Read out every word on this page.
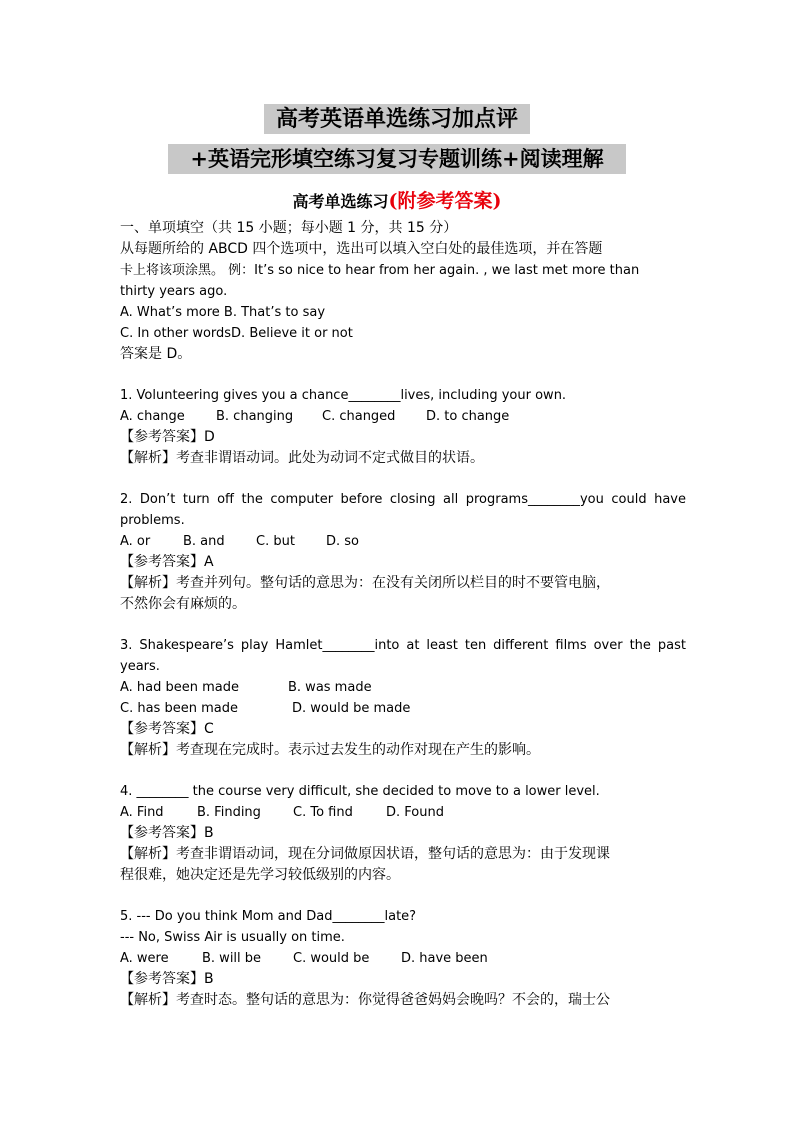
高考英语单选练习加点评
+英语完形填空练习复习专题训练+阅读理解
高考单选练习(附参考答案)
一、单项填空（共 15 小题；每小题 1 分，共 15 分）
从每题所给的 ABCD 四个选项中，选出可以填入空白处的最佳选项，并在答题
卡上将该项涂黑。 例：It’s so nice to hear from her again. , we last met more than
thirty years ago.
A. What’s more B. That’s to say
C. In other wordsD. Believe it or not
答案是 D。
1. Volunteering gives you a chance________lives, including your own.
A. change B. changing C. changed D. to change
【参考答案】D
【解析】考查非谓语动词。此处为动词不定式做目的状语。
2. Don’t turn off the computer before closing all programs________you could have
problems.
A. or	B. and C. but D. so
【参考答案】A
【解析】考查并列句。整句话的意思为：在没有关闭所以栏目的时不要管电脑，
不然你会有麻烦的。
3. Shakespeare’s play Hamlet________into at least ten different films over the past
years.
A. had been made	B. was made
C. has been made	D. would be made
【参考答案】C
【解析】考查现在完成时。表示过去发生的动作对现在产生的影响。
4. ________ the course very difficult, she decided to move to a lower level.
A. Find	B. Finding C. To find	D. Found
【参考答案】B
【解析】考查非谓语动词，现在分词做原因状语，整句话的意思为：由于发现课
程很难，她决定还是先学习较低级别的内容。
5. --- Do you think Mom and Dad________late?
--- No, Swiss Air is usually on time.
A. were	B. will be C. would be D. have been
【参考答案】B
【解析】考查时态。整句话的意思为：你觉得爸爸妈妈会晚吗？不会的，瑞士公
